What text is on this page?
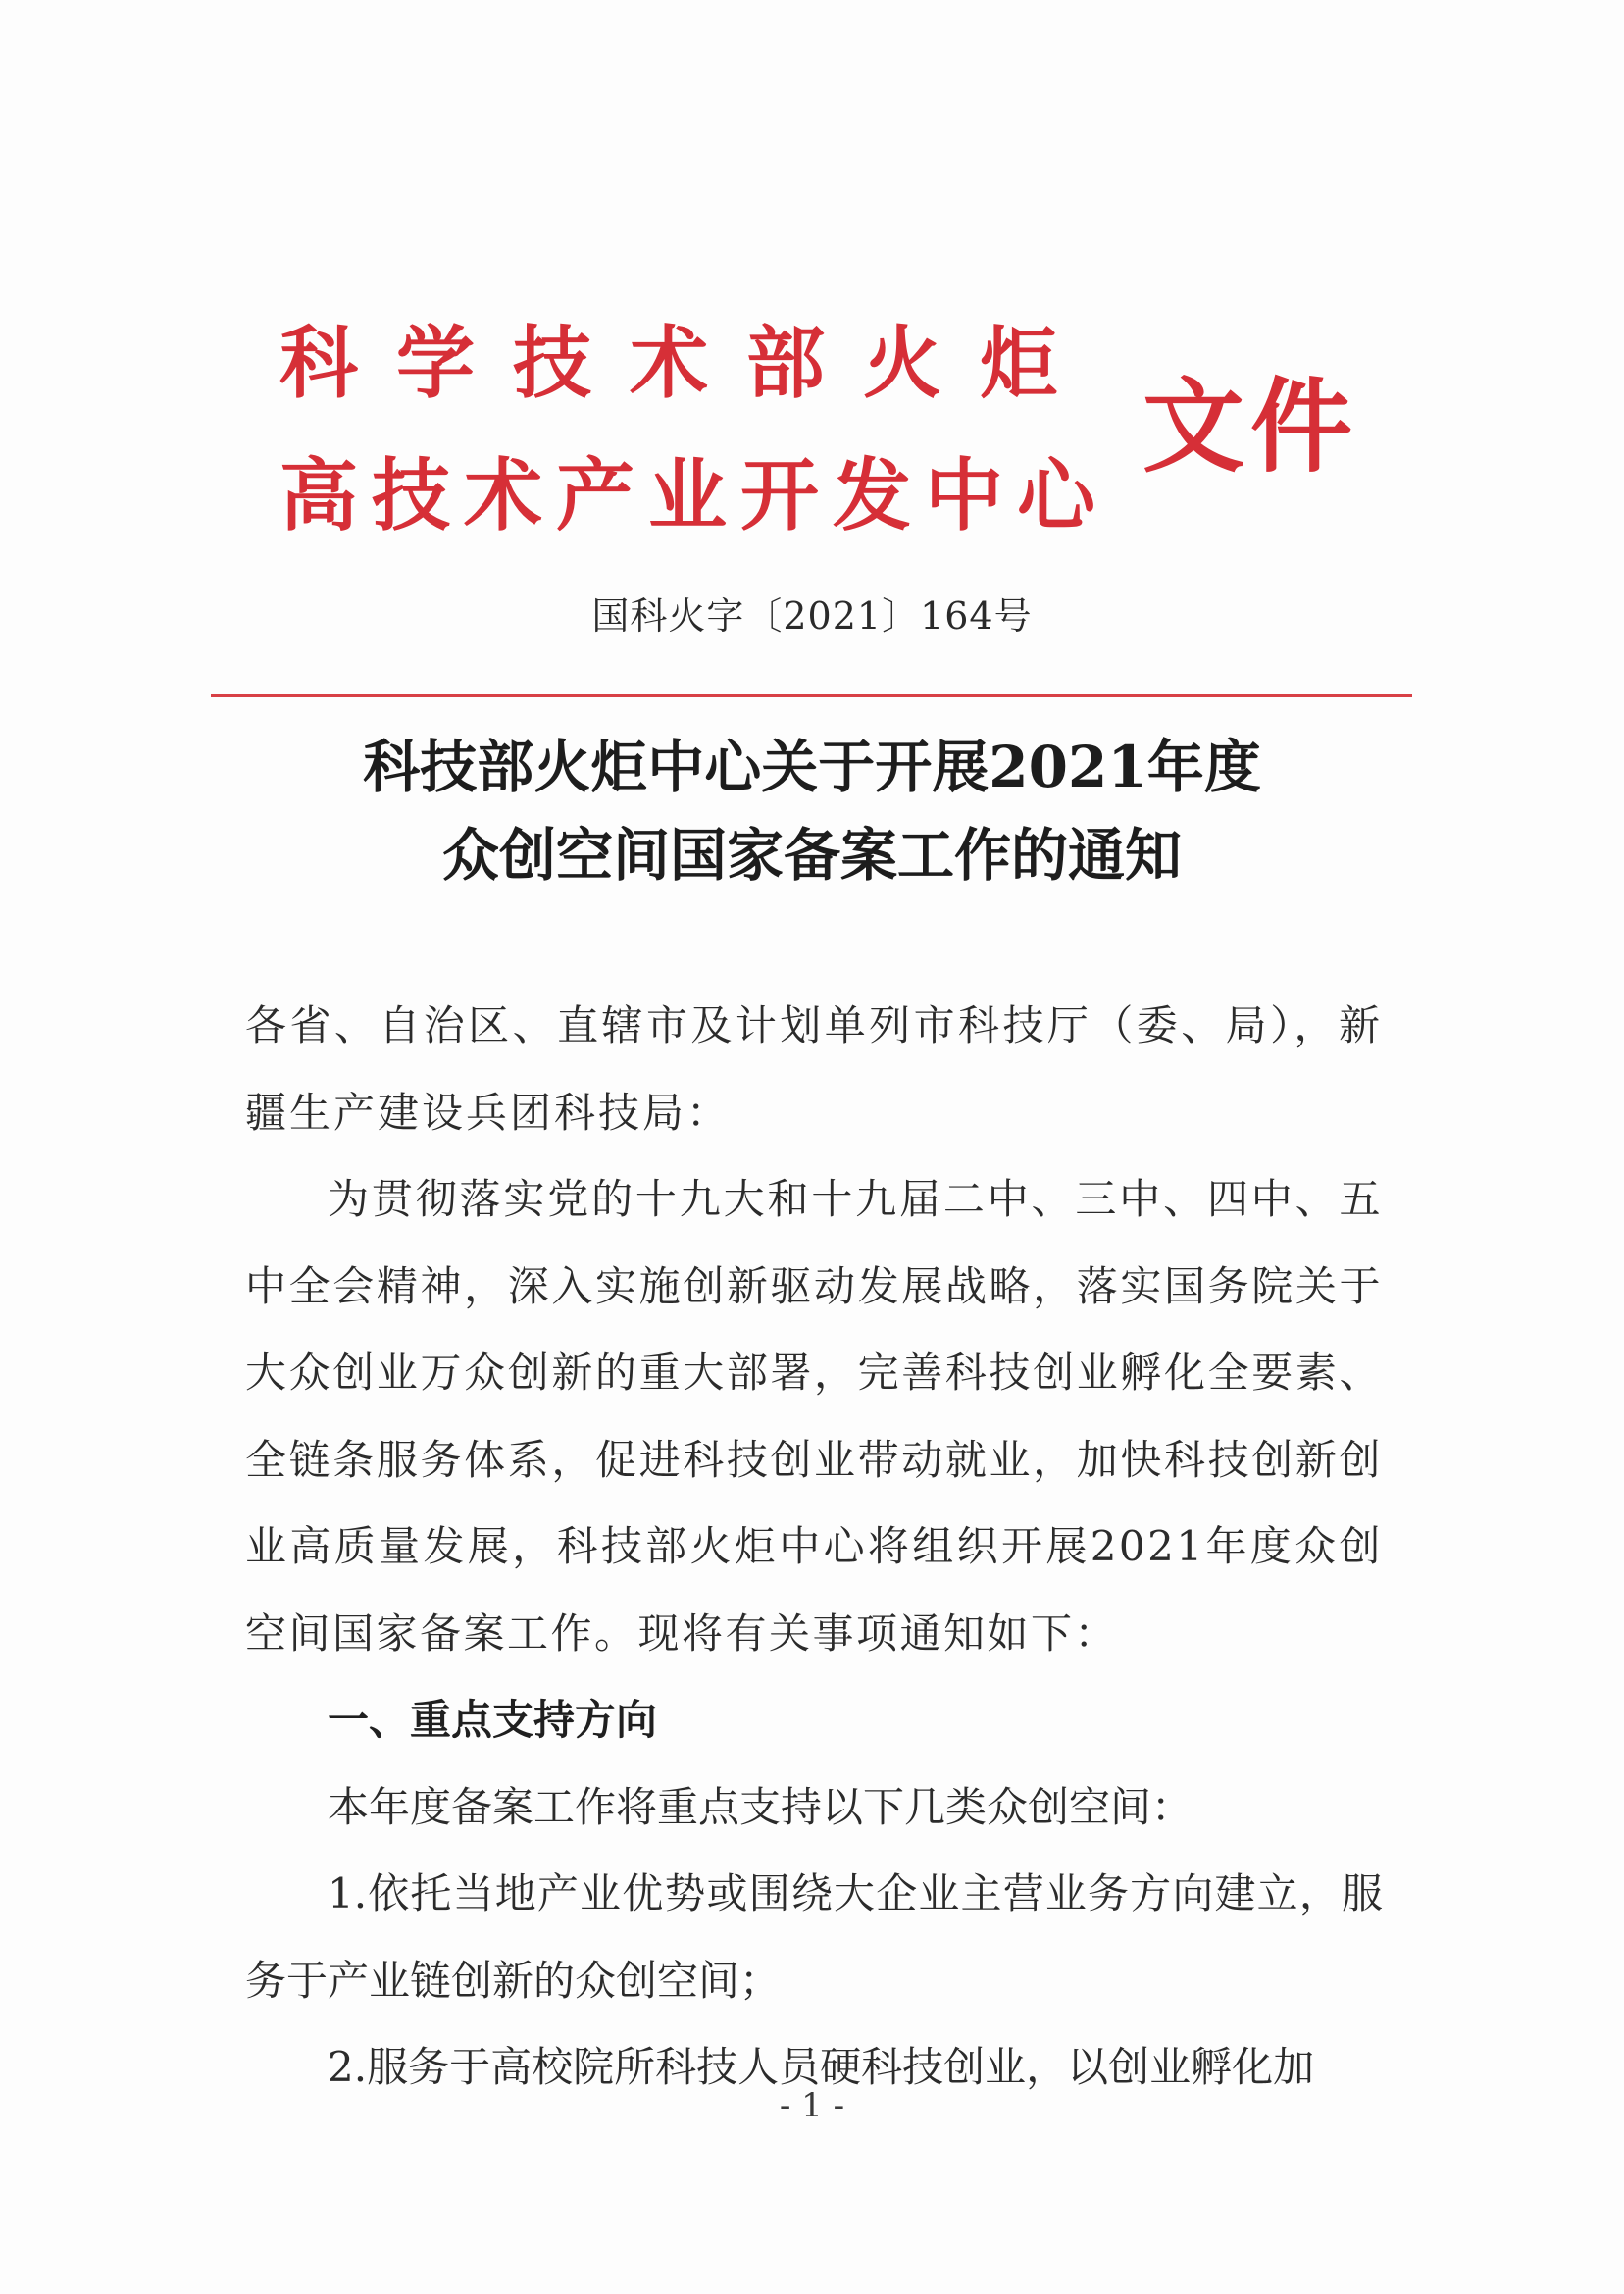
科学技术部火炬
高技术产业开发中心
文件
国科火字〔2021〕164号
科技部火炬中心关于开展2021年度
众创空间国家备案工作的通知

各省、自治区、直辖市及计划单列市科技厅（委、局），新疆生产建设兵团科技局：

为贯彻落实党的十九大和十九届二中、三中、四中、五中全会精神，深入实施创新驱动发展战略，落实国务院关于大众创业万众创新的重大部署，完善科技创业孵化全要素、全链条服务体系，促进科技创业带动就业，加快科技创新创业高质量发展，科技部火炬中心将组织开展2021年度众创空间国家备案工作。现将有关事项通知如下：

一、重点支持方向

本年度备案工作将重点支持以下几类众创空间：

1.依托当地产业优势或围绕大企业主营业务方向建立，服务于产业链创新的众创空间；

2.服务于高校院所科技人员硬科技创业，以创业孵化加

- 1 -
